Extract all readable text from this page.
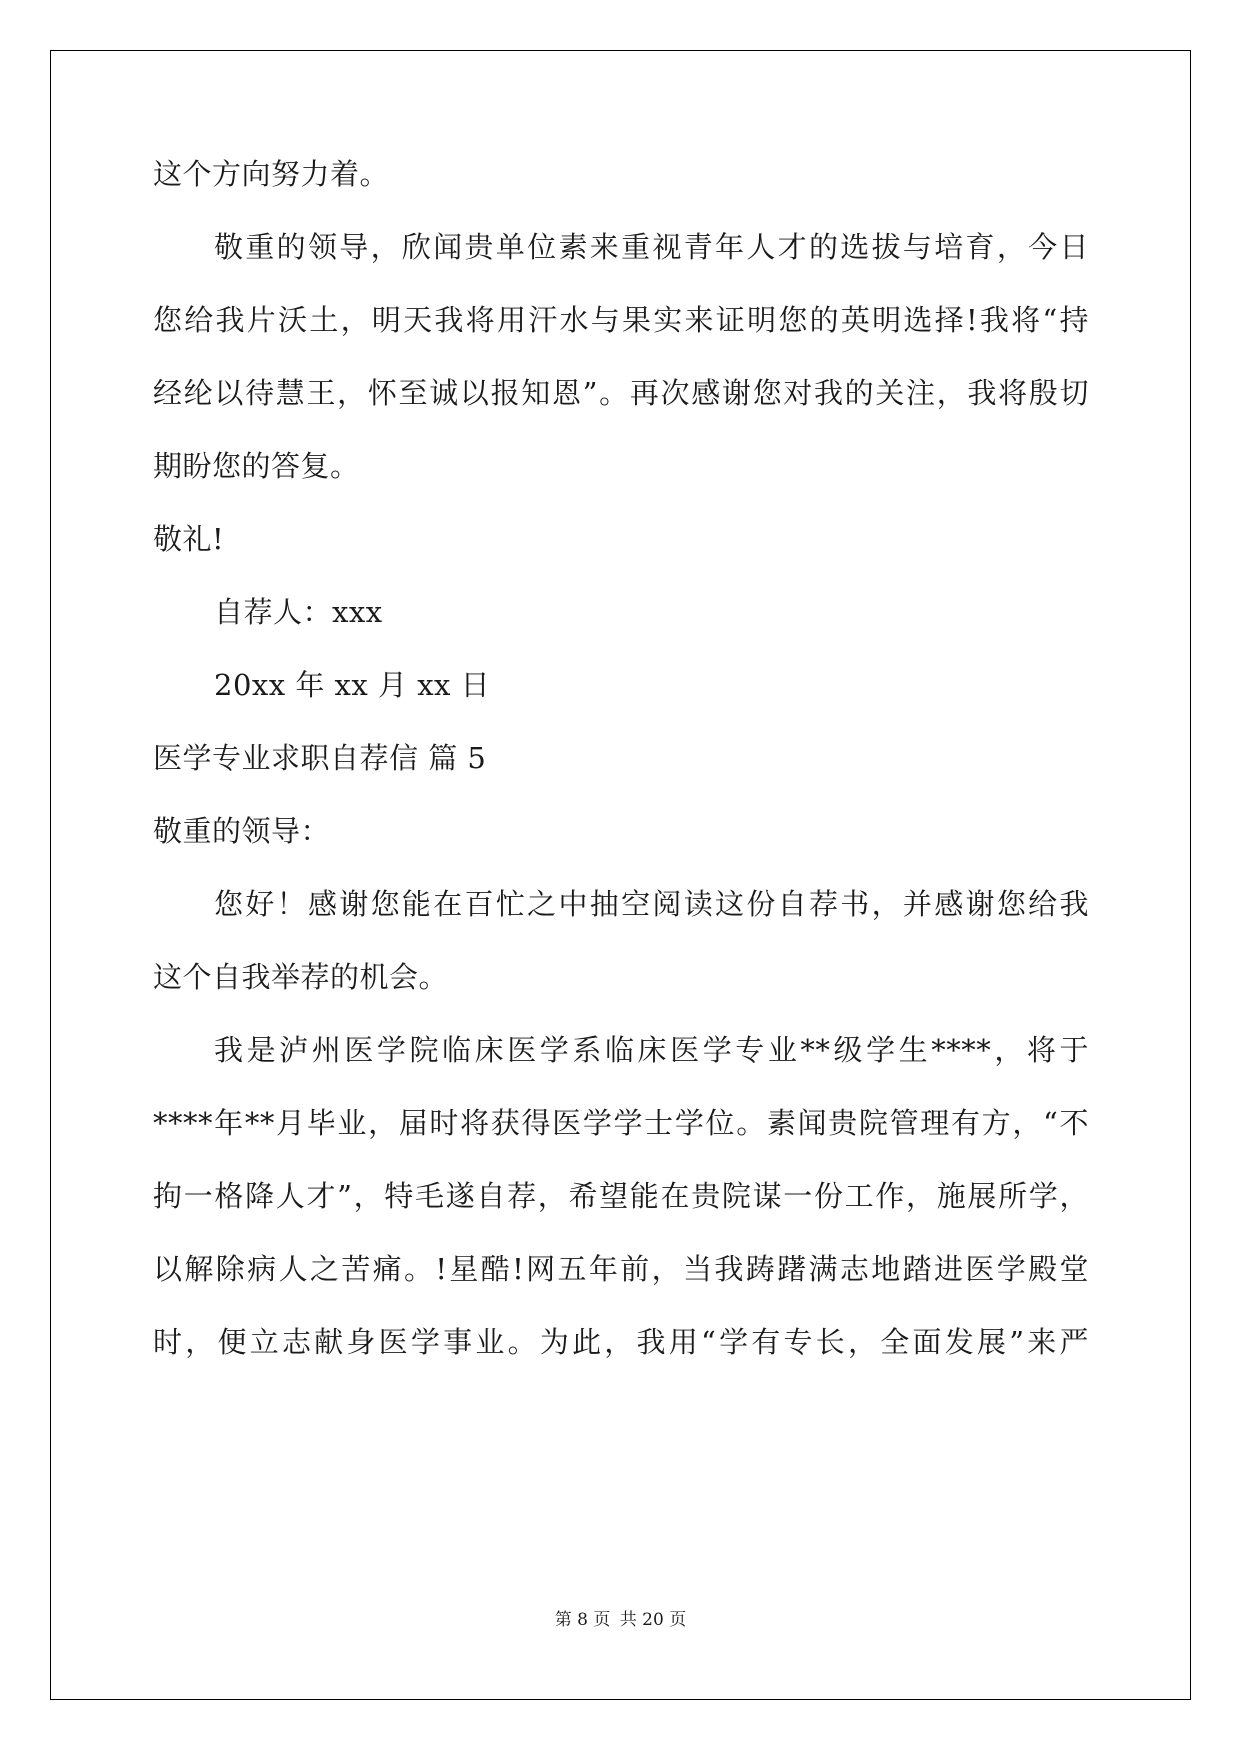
这个方向努力着。
敬重的领导，欣闻贵单位素来重视青年人才的选拔与培育，今日
您给我片沃土，明天我将用汗水与果实来证明您的英明选择!我将“持
经纶以待慧王，怀至诚以报知恩”。再次感谢您对我的关注，我将殷切
期盼您的答复。
敬礼!
自荐人：xxx
20xx 年 xx 月 xx 日
医学专业求职自荐信 篇 5
敬重的领导：
您好！感谢您能在百忙之中抽空阅读这份自荐书，并感谢您给我
这个自我举荐的机会。
我是泸州医学院临床医学系临床医学专业**级学生****，将于
****年**月毕业，届时将获得医学学士学位。素闻贵院管理有方，“不
拘一格降人才”，特毛遂自荐，希望能在贵院谋一份工作，施展所学，
以解除病人之苦痛。!星酷!网五年前，当我踌躇满志地踏进医学殿堂
时，便立志献身医学事业。为此，我用“学有专长，全面发展”来严
第 8 页 共 20 页
